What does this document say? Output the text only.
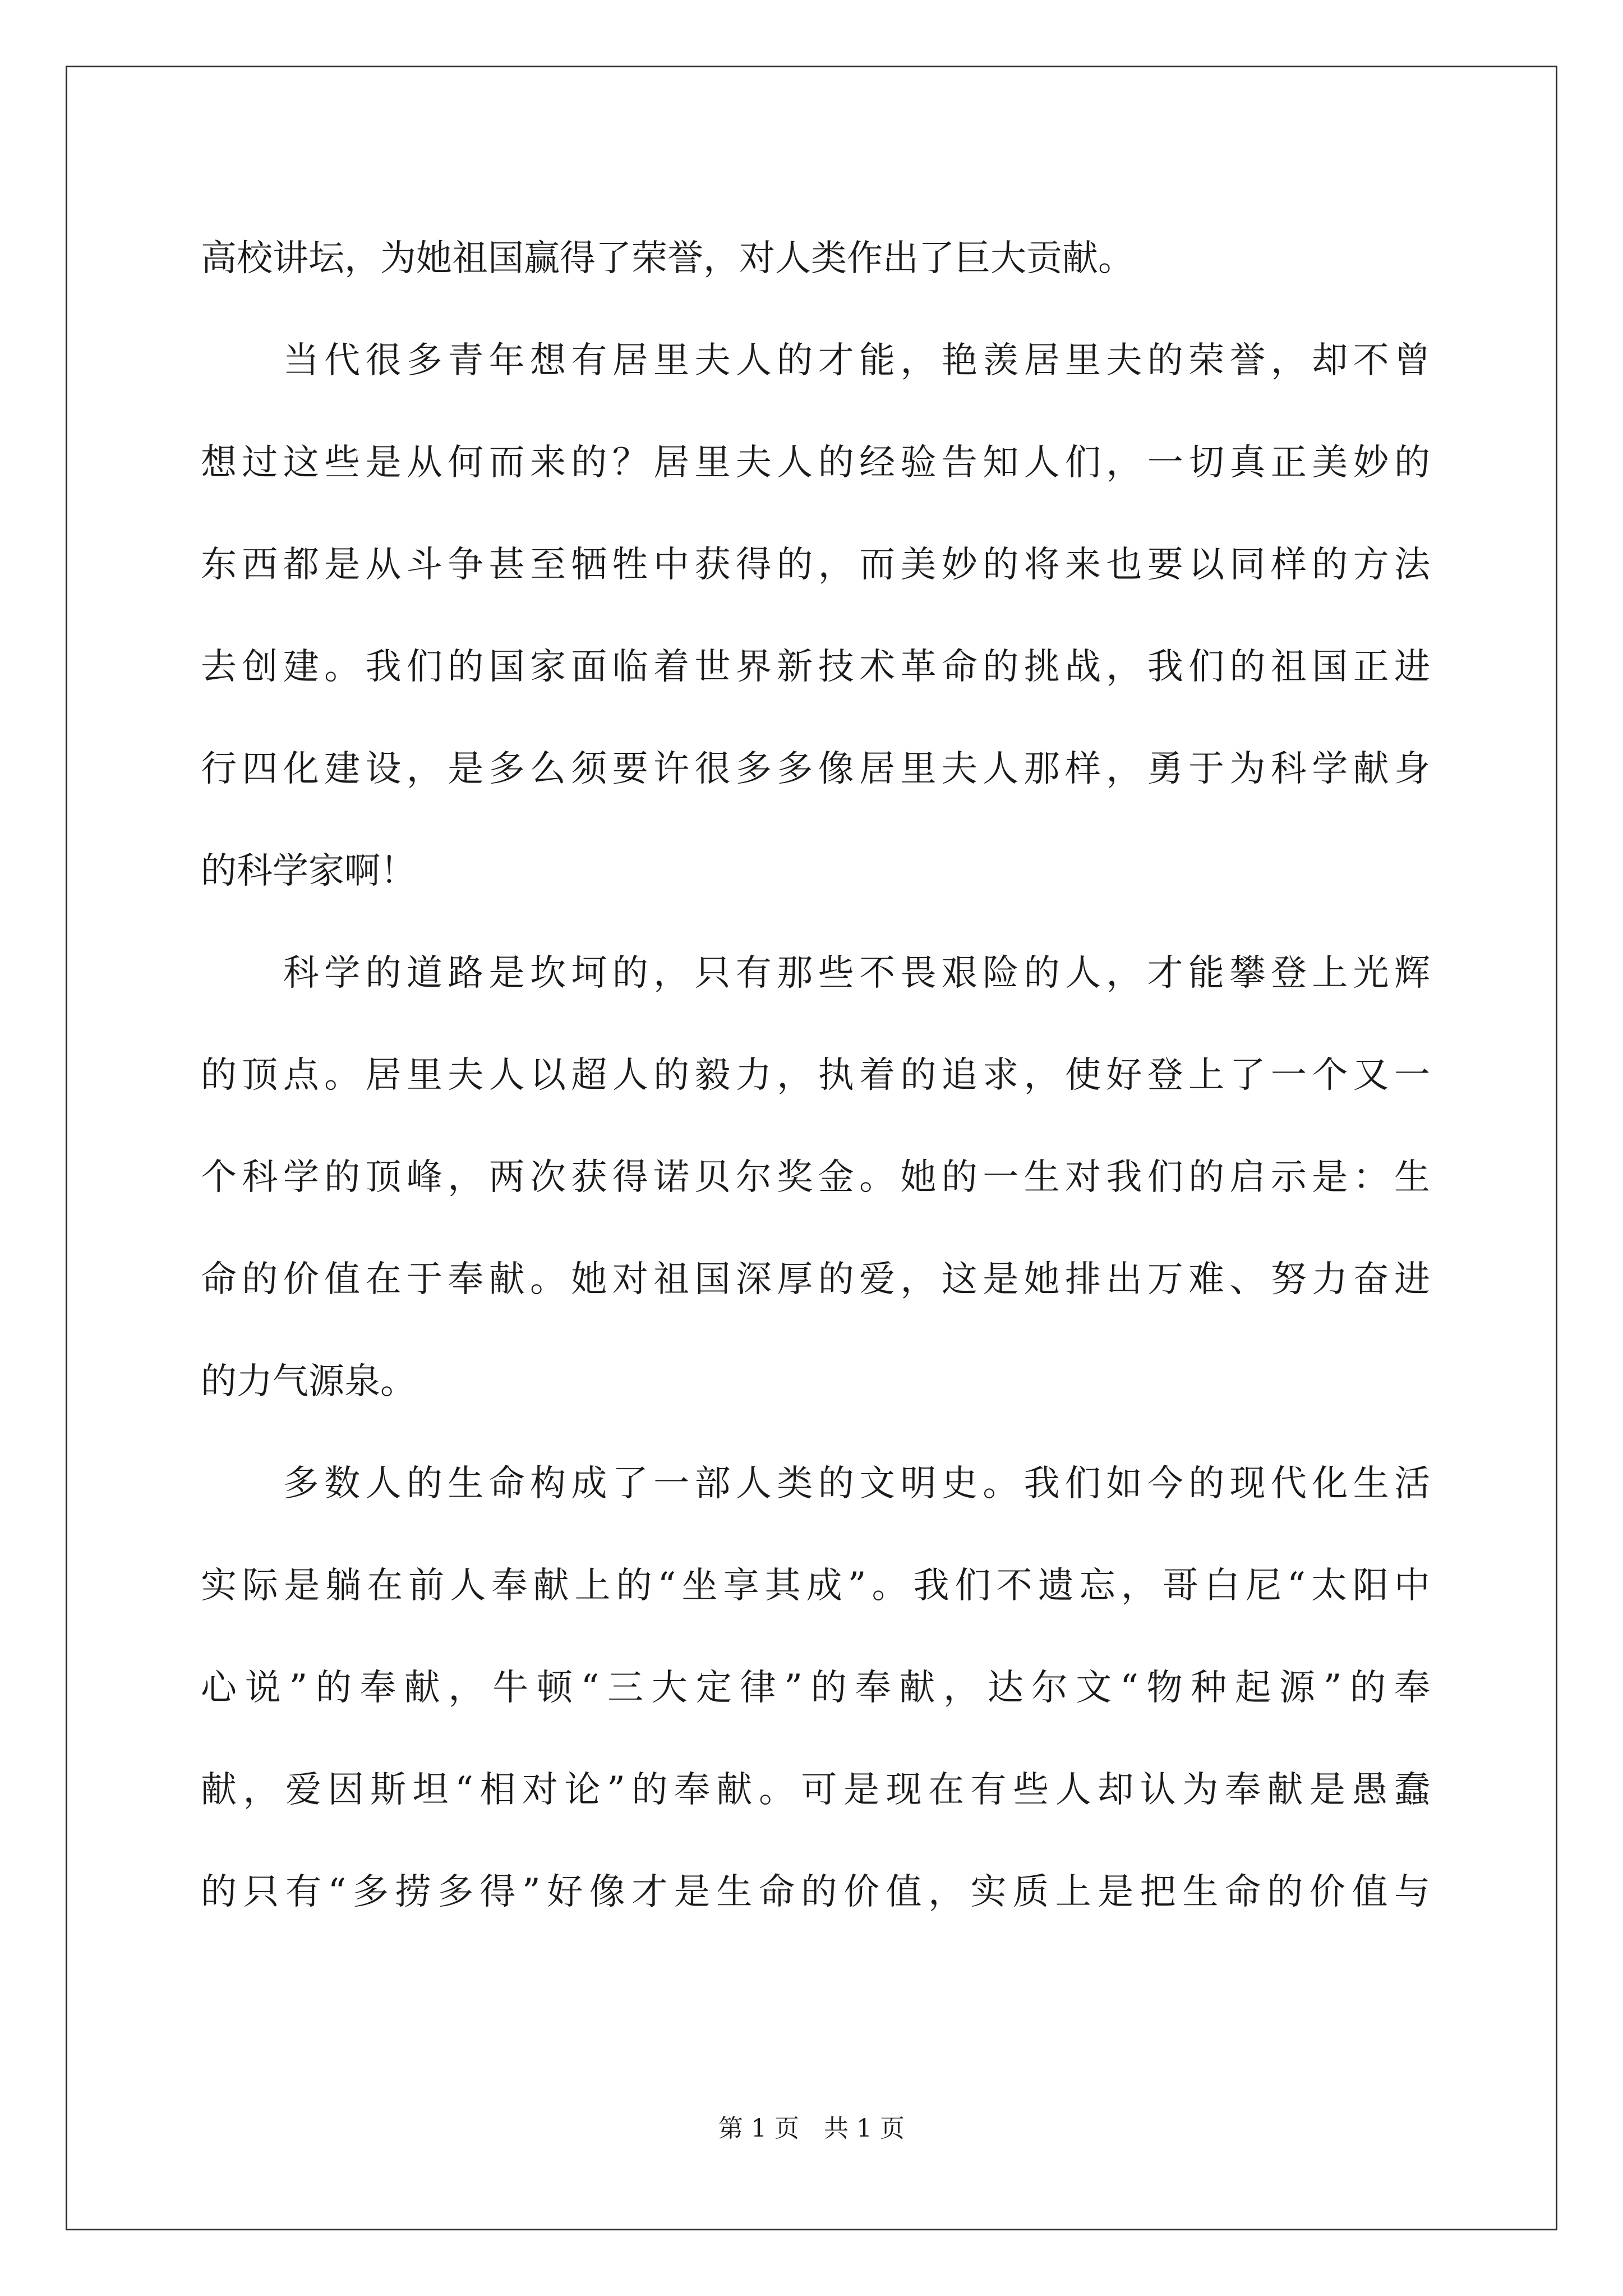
高校讲坛，为她祖国赢得了荣誉，对人类作出了巨大贡献。
　　当代很多青年想有居里夫人的才能，艳羡居里夫的荣誉，却不曾
想过这些是从何而来的？居里夫人的经验告知人们，一切真正美妙的
东西都是从斗争甚至牺牲中获得的，而美妙的将来也要以同样的方法
去创建。我们的国家面临着世界新技术革命的挑战，我们的祖国正进
行四化建设，是多么须要许很多多像居里夫人那样，勇于为科学献身
的科学家啊！
　　科学的道路是坎坷的，只有那些不畏艰险的人，才能攀登上光辉
的顶点。居里夫人以超人的毅力，执着的追求，使好登上了一个又一
个科学的顶峰，两次获得诺贝尔奖金。她的一生对我们的启示是：生
命的价值在于奉献。她对祖国深厚的爱，这是她排出万难、努力奋进
的力气源泉。
　　多数人的生命构成了一部人类的文明史。我们如今的现代化生活
实际是躺在前人奉献上的“坐享其成”。我们不遗忘，哥白尼“太阳中
心说”的奉献，牛顿“三大定律”的奉献，达尔文“物种起源”的奉
献，爱因斯坦“相对论”的奉献。可是现在有些人却认为奉献是愚蠢
的只有“多捞多得”好像才是生命的价值，实质上是把生命的价值与
第 1 页　共 1 页
